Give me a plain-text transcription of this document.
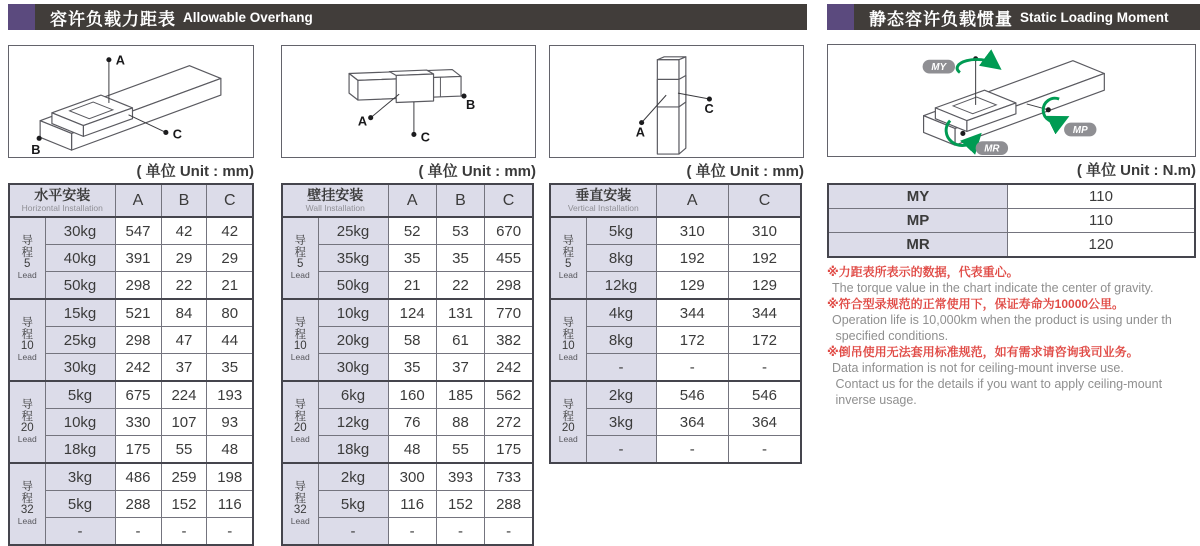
容许负载力距表 Allowable Overhang	静态容许负载惯量 Static Loading Moment
A
C
B
A
C
B
A
C
MY
MP
MR
( 单位 Unit : mm)	( 单位 Unit : mm)	( 单位 Unit : mm)	( 单位 Unit : N.m)
水平安装
Horizontal Installation		A	B	C

导
程
5
Lead	30kg	547	42	42
	40kg	391	29	29
	50kg	298	22	21

导
程
10
Lead	15kg	521	84	80
	25kg	298	47	44
	30kg	242	37	35

导
程
20
Lead	5kg	675	224	193
	10kg	330	107	93
	18kg	175	55	48

导
程
32
Lead	3kg	486	259	198
	5kg	288	152	116
	-	-	-	-
壁挂安装
Wall Installation		A	B	C

导
程
5
Lead	25kg	52	53	670
	35kg	35	35	455
	50kg	21	22	298

导
程
10
Lead	10kg	124	131	770
	20kg	58	61	382
	30kg	35	37	242

导
程
20
Lead	6kg	160	185	562
	12kg	76	88	272
	18kg	48	55	175

导
程
32
Lead	2kg	300	393	733
	5kg	116	152	288
	-	-	-	-
垂直安装
Vertical Installation		A	C

导
程
5
Lead	5kg	310	310
	8kg	192	192
	12kg	129	129

导
程
10
Lead	4kg	344	344
	8kg	172	172
	-	-	-

导
程
20
Lead	2kg	546	546
	3kg	364	364
	-	-	-
MY	110
MP	110
MR	120
※力距表所表示的数据，代表重心。
The torque value in the chart indicate the center of gravity.
※符合型录规范的正常使用下，保证寿命为10000公里。
Operation life is 10,000km when the product is using under th
specified conditions.
※倒吊使用无法套用标准规范，如有需求请咨询我司业务。
Data information is not for ceiling-mount inverse use.
Contact us for the details if you want to apply ceiling-mount
inverse usage.
